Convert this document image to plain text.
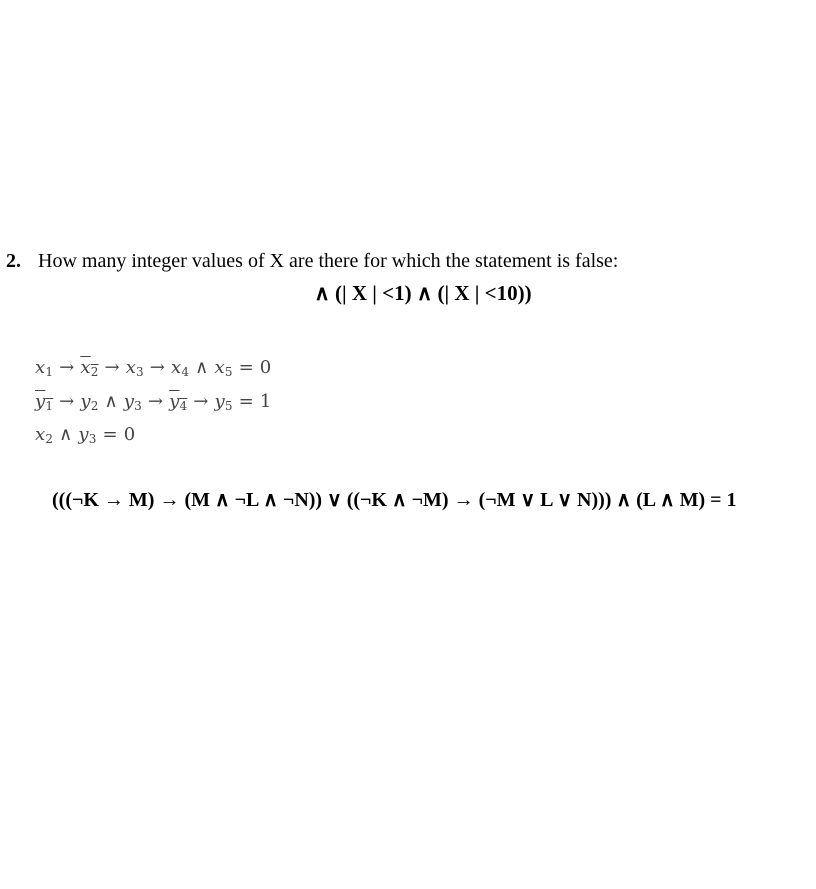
2. How many integer values of X are there for which the statement is false:
∧ (| X | <1) ∧ (| X | <10))
$x_1 \to x_2 \to x_3 \to x_4$ ∧ $x_5 = 0$
$y_1 \to y_2$ ∧ $y_3 \to y_4 \to y_5 = 1$
$x_2$ ∧ $y_3 = 0$
(((¬K → M) → (M ∧ ¬L ∧ ¬N)) ∨ ((¬K ∧ ¬M) → (¬M ∨ L ∨ N))) ∧ (L ∧ M) = 1
